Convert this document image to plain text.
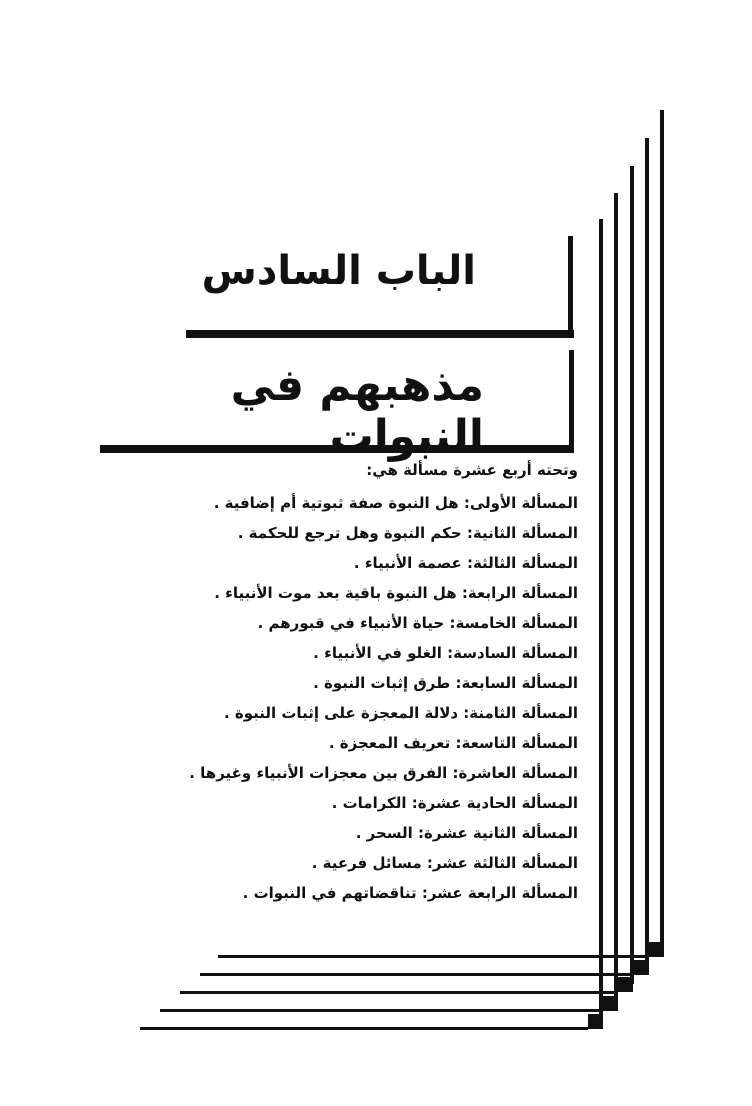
الباب السادس
مذهبهم في النبوات
وتحته أربع عشرة مسألة هي:
المسألة الأولى: هل النبوة صفة ثبوتية أم إضافية .
المسألة الثانية: حكم النبوة وهل ترجع للحكمة .
المسألة الثالثة: عصمة الأنبياء .
المسألة الرابعة: هل النبوة باقية بعد موت الأنبياء .
المسألة الخامسة: حياة الأنبياء في قبورهم .
المسألة السادسة: الغلو في الأنبياء .
المسألة السابعة: طرق إثبات النبوة .
المسألة الثامنة: دلالة المعجزة على إثبات النبوة .
المسألة التاسعة: تعريف المعجزة .
المسألة العاشرة: الفرق بين معجزات الأنبياء وغيرها .
المسألة الحادية عشرة: الكرامات .
المسألة الثانية عشرة: السحر .
المسألة الثالثة عشر: مسائل فرعية .
المسألة الرابعة عشر: تناقضاتهم في النبوات .
